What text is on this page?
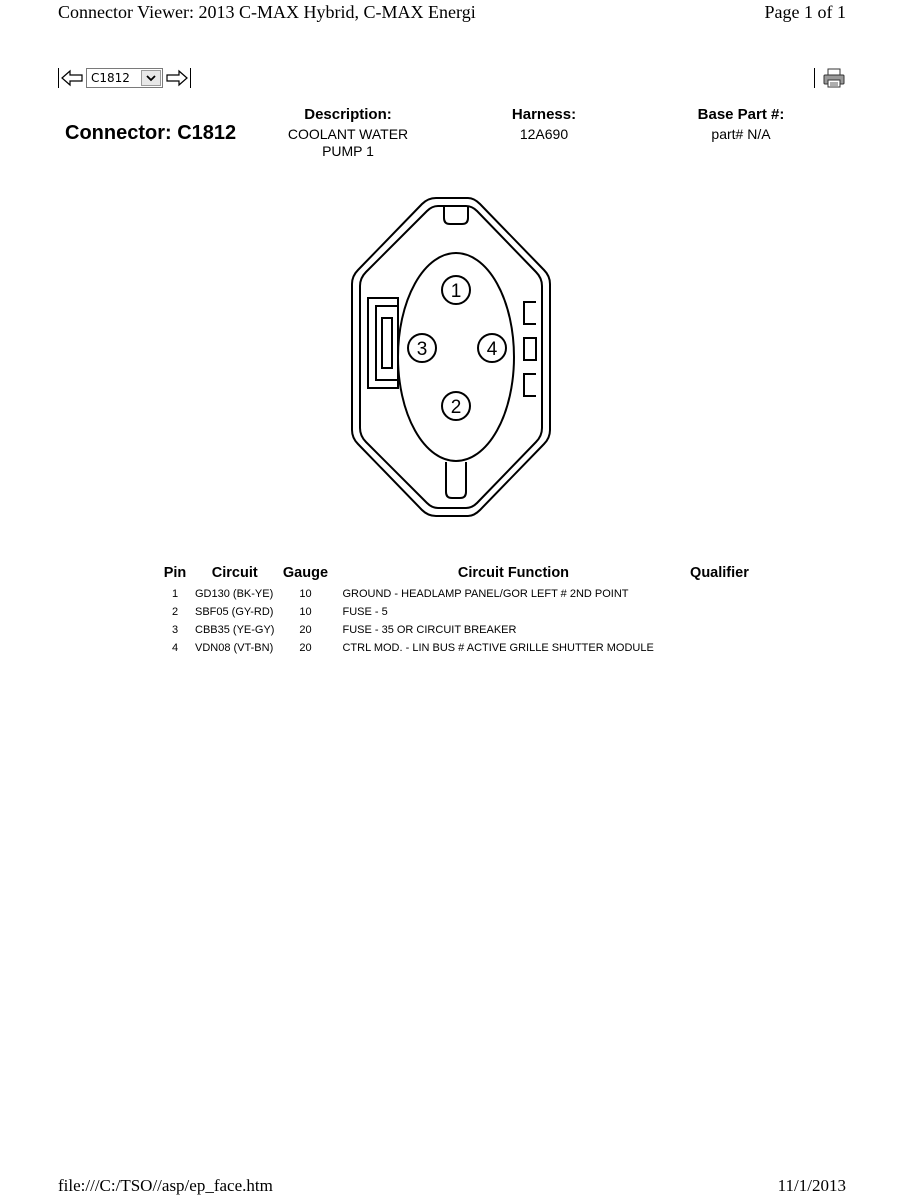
Connector Viewer: 2013 C-MAX Hybrid, C-MAX Energi	Page 1 of 1
C1812
Connector: C1812
Description:
COOLANT WATER
PUMP 1
Harness:
12A690
Base Part #:
part# N/A
1
2
3	4
Pin	Circuit	Gauge	Circuit Function	Qualifier
1	GD130 (BK-YE)	10	GROUND - HEADLAMP PANEL/GOR LEFT # 2ND POINT	
2	SBF05 (GY-RD)	10	FUSE - 5	
3	CBB35 (YE-GY)	20	FUSE - 35 OR CIRCUIT BREAKER	
4	VDN08 (VT-BN)	20	CTRL MOD. - LIN BUS # ACTIVE GRILLE SHUTTER MODULE	
file:///C:/TSO//asp/ep_face.htm	11/1/2013
